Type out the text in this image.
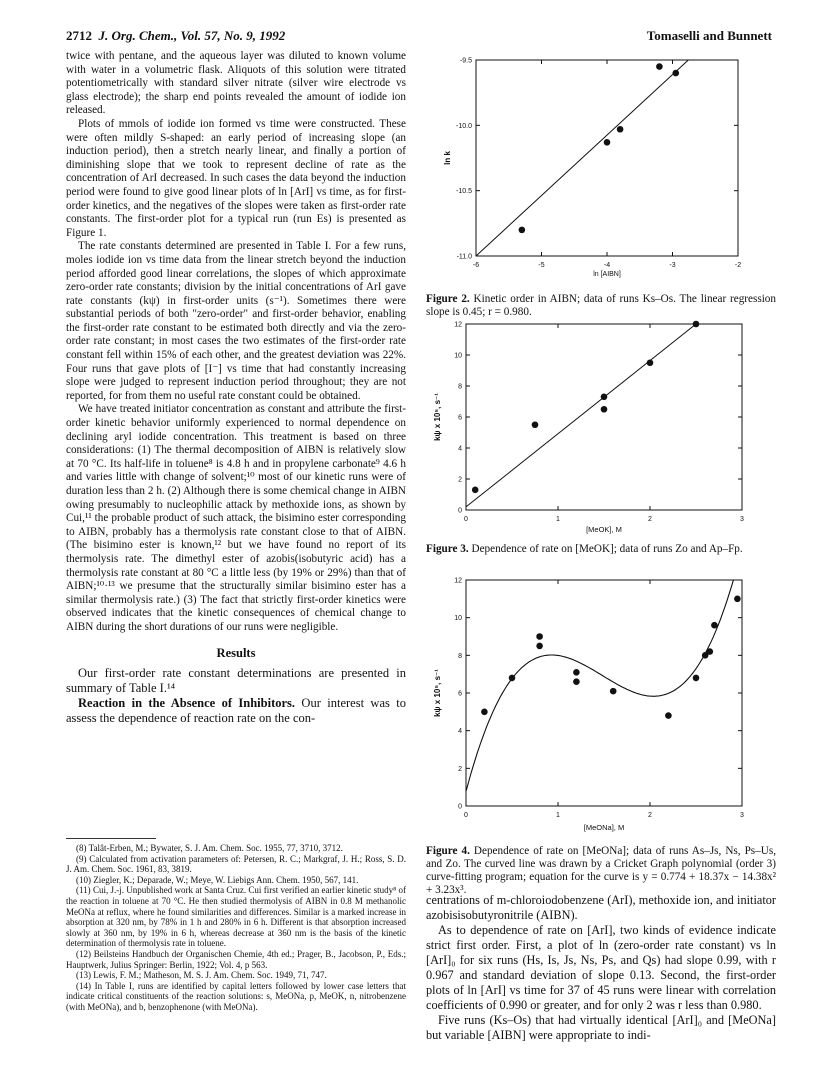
2712 J. Org. Chem., Vol. 57, No. 9, 1992	Tomaselli and Bunnett

twice with pentane, and the aqueous layer was diluted to known volume with water in a volumetric flask. Aliquots of this solution were titrated potentiometrically with standard silver nitrate (silver wire electrode vs glass electrode); the sharp end points revealed the amount of iodide ion released.

Plots of mmols of iodide ion formed vs time were constructed. These were often mildly S-shaped: an early period of increasing slope (an induction period), then a stretch nearly linear, and finally a portion of diminishing slope that we took to represent decline of rate as the concentration of ArI decreased. In such cases the data beyond the induction period were found to give good linear plots of ln [ArI] vs time, as for first-order kinetics, and the negatives of the slopes were taken as first-order rate constants. The first-order plot for a typical run (run Es) is presented as Figure 1.

The rate constants determined are presented in Table I. For a few runs, moles iodide ion vs time data from the linear stretch beyond the induction period afforded good linear correlations, the slopes of which approximate zero-order rate constants; division by the initial concentrations of ArI gave rate constants (kψ) in first-order units (s⁻¹). Sometimes there were substantial periods of both "zero-order" and first-order behavior, enabling the first-order rate constant to be estimated both directly and via the zero-order rate constant; in most cases the two estimates of the first-order rate constant fell within 15% of each other, and the greatest deviation was 22%. Four runs that gave plots of [I⁻] vs time that had constantly increasing slope were judged to represent induction period throughout; they are not reported, for from them no useful rate constant could be obtained.

We have treated initiator concentration as constant and attribute the first-order kinetic behavior uniformly experienced to normal dependence on declining aryl iodide concentration. This treatment is based on three considerations: (1) The thermal decomposition of AIBN is relatively slow at 70 °C. Its half-life in toluene⁸ is 4.8 h and in propylene carbonate⁹ 4.6 h and varies little with change of solvent;¹⁰ most of our kinetic runs were of duration less than 2 h. (2) Although there is some chemical change in AIBN owing presumably to nucleophilic attack by methoxide ions, as shown by Cui,¹¹ the probable product of such attack, the bisimino ester corresponding to AIBN, probably has a thermolysis rate constant close to that of AIBN. (The bisimino ester is known,¹² but we have found no report of its thermolysis rate. The dimethyl ester of azobis(isobutyric acid) has a thermolysis rate constant at 80 °C a little less (by 19% or 29%) than that of AIBN;¹⁰·¹³ we presume that the structurally similar bisimino ester has a similar thermolysis rate.) (3) The fact that strictly first-order kinetics were observed indicates that the kinetic consequences of chemical change to AIBN during the short durations of our runs were negligible.

Results

Our first-order rate constant determinations are presented in summary of Table I.¹⁴

Reaction in the Absence of Inhibitors. Our interest was to assess the dependence of reaction rate on the con-

(8) Talât-Erben, M.; Bywater, S. J. Am. Chem. Soc. 1955, 77, 3710, 3712.

(9) Calculated from activation parameters of: Petersen, R. C.; Markgraf, J. H.; Ross, S. D. J. Am. Chem. Soc. 1961, 83, 3819.

(10) Ziegler, K.; Deparade, W.; Meye, W. Liebigs Ann. Chem. 1950, 567, 141.

(11) Cui, J.-j. Unpublished work at Santa Cruz. Cui first verified an earlier kinetic study⁸ of the reaction in toluene at 70 °C. He then studied thermolysis of AIBN in 0.8 M methanolic MeONa at reflux, where he found similarities and differences. Similar is a marked increase in absorption at 320 nm, by 78% in 1 h and 280% in 6 h. Different is that absorption increased slowly at 360 nm, by 19% in 6 h, whereas decrease at 360 nm is the basis of the kinetic determination of thermolysis rate in toluene.

(12) Beilsteins Handbuch der Organischen Chemie, 4th ed.; Prager, B., Jacobson, P., Eds.; Hauptwerk, Julius Springer: Berlin, 1922; Vol. 4, p 563.

(13) Lewis, F. M.; Matheson, M. S. J. Am. Chem. Soc. 1949, 71, 747.

(14) In Table I, runs are identified by capital letters followed by lower case letters that indicate critical constituents of the reaction solutions: s, MeONa, p, MeOK, n, nitrobenzene (with MeONa), and b, benzophenone (with MeONa).

-6	-5	-4	-3	-2
-9.5
-10.0
-10.5
-11.0
ln [AIBN]
ln k
Figure 2. Kinetic order in AIBN; data of runs Ks–Os. The linear regression slope is 0.45; r = 0.980.
0	1	2	3
0
2
4
6
8
10
12
[MeOK], M
kψ x 10⁵, s⁻¹
Figure 3. Dependence of rate on [MeOK]; data of runs Zo and Ap–Fp.
0	1	2	3
0
2
4
6
8
10
12
[MeONa], M
kψ x 10⁵, s⁻¹
Figure 4. Dependence of rate on [MeONa]; data of runs As–Js, Ns, Ps–Us, and Zo. The curved line was drawn by a Cricket Graph polynomial (order 3) curve-fitting program; equation for the curve is y = 0.774 + 18.37x − 14.38x² + 3.23x³.

centrations of m-chloroiodobenzene (ArI), methoxide ion, and initiator azobisisobutyronitrile (AIBN).

As to dependence of rate on [ArI], two kinds of evidence indicate strict first order. First, a plot of ln (zero-order rate constant) vs ln [ArI]₀ for six runs (Hs, Is, Js, Ns, Ps, and Qs) had slope 0.99, with r 0.967 and standard deviation of slope 0.13. Second, the first-order plots of ln [ArI] vs time for 37 of 45 runs were linear with correlation coefficients of 0.990 or greater, and for only 2 was r less than 0.980.

Five runs (Ks–Os) that had virtually identical [ArI]₀ and [MeONa] but variable [AIBN] were appropriate to indi-
